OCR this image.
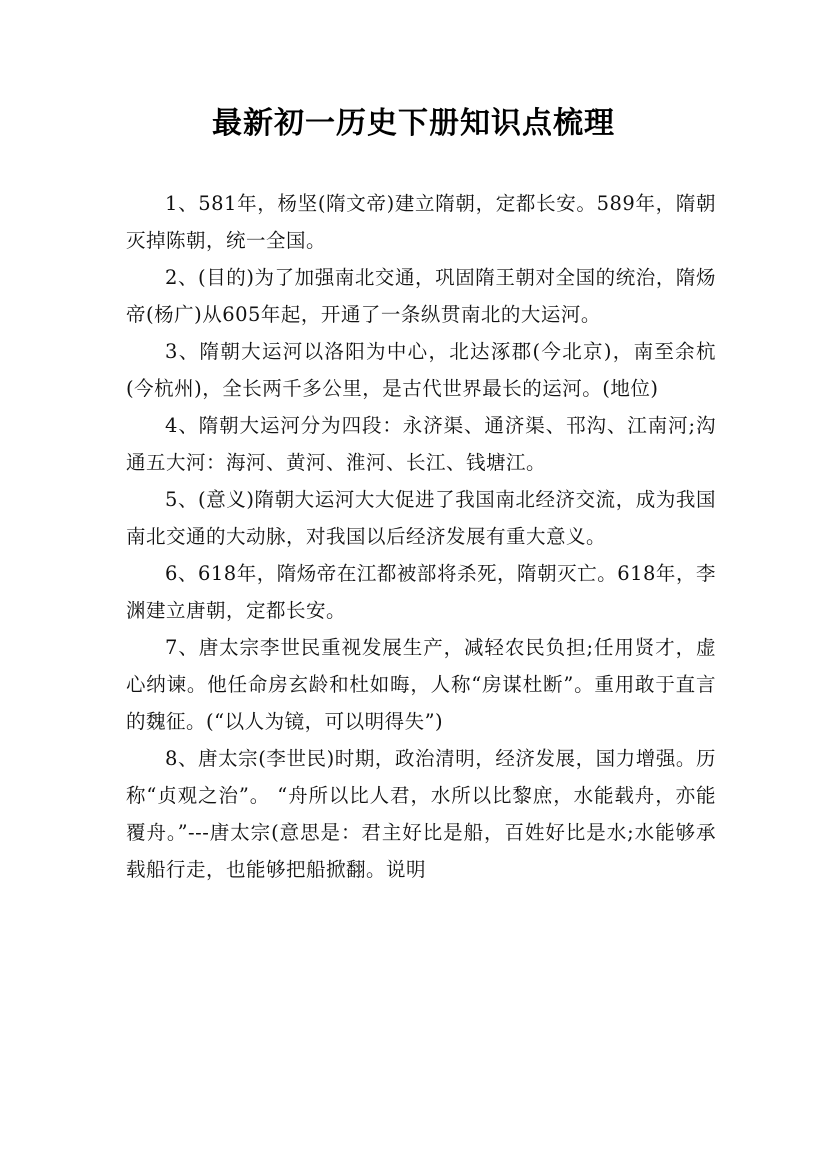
最新初一历史下册知识点梳理

1、581年，杨坚(隋文帝)建立隋朝，定都长安。589年，隋朝灭掉陈朝，统一全国。

2、(目的)为了加强南北交通，巩固隋王朝对全国的统治，隋炀帝(杨广)从605年起，开通了一条纵贯南北的大运河。

3、隋朝大运河以洛阳为中心，北达涿郡(今北京)，南至余杭(今杭州)，全长两千多公里，是古代世界最长的运河。(地位)

4、隋朝大运河分为四段：永济渠、通济渠、邗沟、江南河;沟通五大河：海河、黄河、淮河、长江、钱塘江。

5、(意义)隋朝大运河大大促进了我国南北经济交流，成为我国南北交通的大动脉，对我国以后经济发展有重大意义。

6、618年，隋炀帝在江都被部将杀死，隋朝灭亡。618年，李渊建立唐朝，定都长安。

7、唐太宗李世民重视发展生产，减轻农民负担;任用贤才，虚心纳谏。他任命房玄龄和杜如晦，人称“房谋杜断”。重用敢于直言的魏征。(“以人为镜，可以明得失”)

8、唐太宗(李世民)时期，政治清明，经济发展，国力增强。历称“贞观之治”。 “舟所以比人君，水所以比黎庶，水能载舟，亦能覆舟。”---唐太宗(意思是：君主好比是船，百姓好比是水;水能够承载船行走，也能够把船掀翻。说明
